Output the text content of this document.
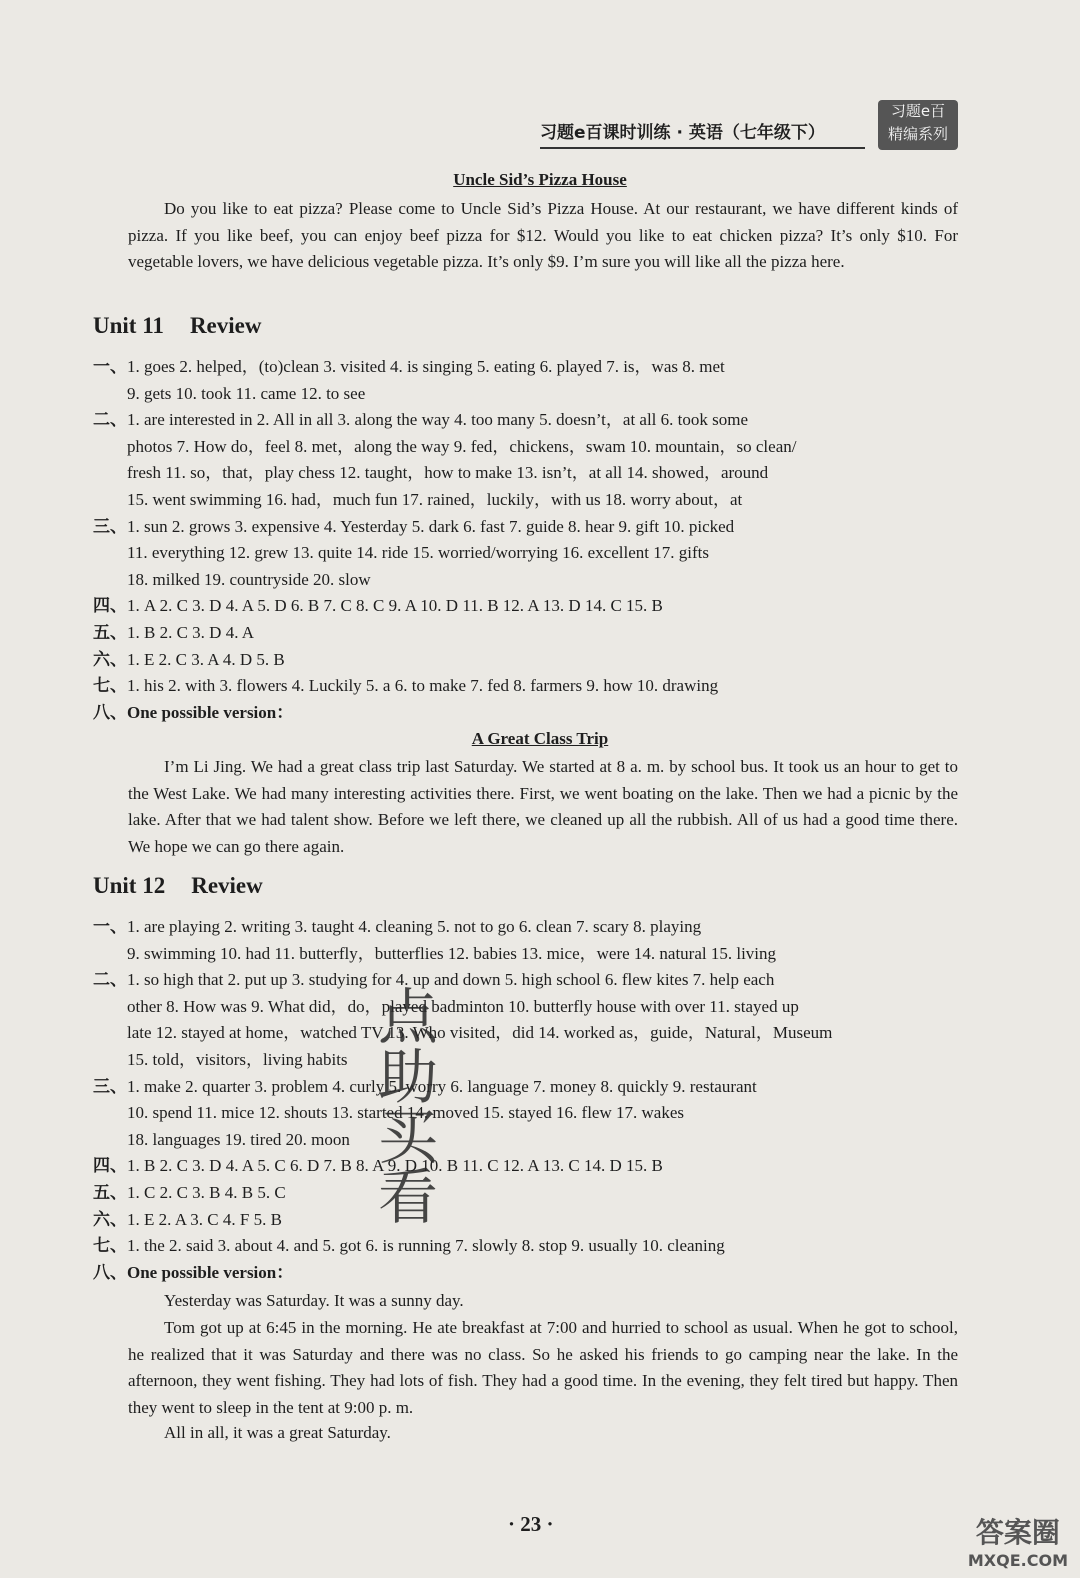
习题e百课时训练 · 英语（七年级下）
习题e百
精编系列
Uncle Sid’s Pizza House
Do you like to eat pizza? Please come to Uncle Sid’s Pizza House. At our restaurant, we have different kinds of pizza. If you like beef, you can enjoy beef pizza for $12. Would you like to eat chicken pizza? It’s only $10. For vegetable lovers, we have delicious vegetable pizza. It’s only $9. I’m sure you will like all the pizza here.
Unit 11 Review
一、1. goes 2. helped，(to)clean 3. visited 4. is singing 5. eating 6. played 7. is，was 8. met
9. gets 10. took 11. came 12. to see
二、1. are interested in 2. All in all 3. along the way 4. too many 5. doesn’t，at all 6. took some
photos 7. How do，feel 8. met，along the way 9. fed，chickens，swam 10. mountain，so clean/
fresh 11. so，that，play chess 12. taught，how to make 13. isn’t，at all 14. showed，around
15. went swimming 16. had，much fun 17. rained，luckily，with us 18. worry about，at
三、1. sun 2. grows 3. expensive 4. Yesterday 5. dark 6. fast 7. guide 8. hear 9. gift 10. picked
11. everything 12. grew 13. quite 14. ride 15. worried/worrying 16. excellent 17. gifts
18. milked 19. countryside 20. slow
四、1. A 2. C 3. D 4. A 5. D 6. B 7. C 8. C 9. A 10. D 11. B 12. A 13. D 14. C 15. B
五、1. B 2. C 3. D 4. A
六、1. E 2. C 3. A 4. D 5. B
七、1. his 2. with 3. flowers 4. Luckily 5. a 6. to make 7. fed 8. farmers 9. how 10. drawing
八、One possible version：
A Great Class Trip
I’m Li Jing. We had a great class trip last Saturday. We started at 8 a. m. by school bus. It took us an hour to get to the West Lake. We had many interesting activities there. First, we went boating on the lake. Then we had a picnic by the lake. After that we had talent show. Before we left there, we cleaned up all the rubbish. All of us had a good time there. We hope we can go there again.
Unit 12 Review
一、1. are playing 2. writing 3. taught 4. cleaning 5. not to go 6. clean 7. scary 8. playing
9. swimming 10. had 11. butterfly，butterflies 12. babies 13. mice，were 14. natural 15. living
二、1. so high that 2. put up 3. studying for 4. up and down 5. high school 6. flew kites 7. help each
other 8. How was 9. What did，do，played badminton 10. butterfly house with over 11. stayed up
late 12. stayed at home，watched TV 13. Who visited，did 14. worked as，guide，Natural，Museum
15. told，visitors，living habits
三、1. make 2. quarter 3. problem 4. curly 5. worry 6. language 7. money 8. quickly 9. restaurant
10. spend 11. mice 12. shouts 13. started 14. moved 15. stayed 16. flew 17. wakes
18. languages 19. tired 20. moon
四、1. B 2. C 3. D 4. A 5. C 6. D 7. B 8. A 9. D 10. B 11. C 12. A 13. C 14. D 15. B
五、1. C 2. C 3. B 4. B 5. C
六、1. E 2. A 3. C 4. F 5. B
七、1. the 2. said 3. about 4. and 5. got 6. is running 7. slowly 8. stop 9. usually 10. cleaning
八、One possible version：
Yesterday was Saturday. It was a sunny day.
Tom got up at 6:45 in the morning. He ate breakfast at 7:00 and hurried to school as usual. When he got to school, he realized that it was Saturday and there was no class. So he asked his friends to go camping near the lake. In the afternoon, they went fishing. They had lots of fish. They had a good time. In the evening, they felt tired but happy. Then they went to sleep in the tent at 9:00 p. m.
All in all, it was a great Saturday.
点助买看
· 23 ·	答案圈
MXQE.COM
